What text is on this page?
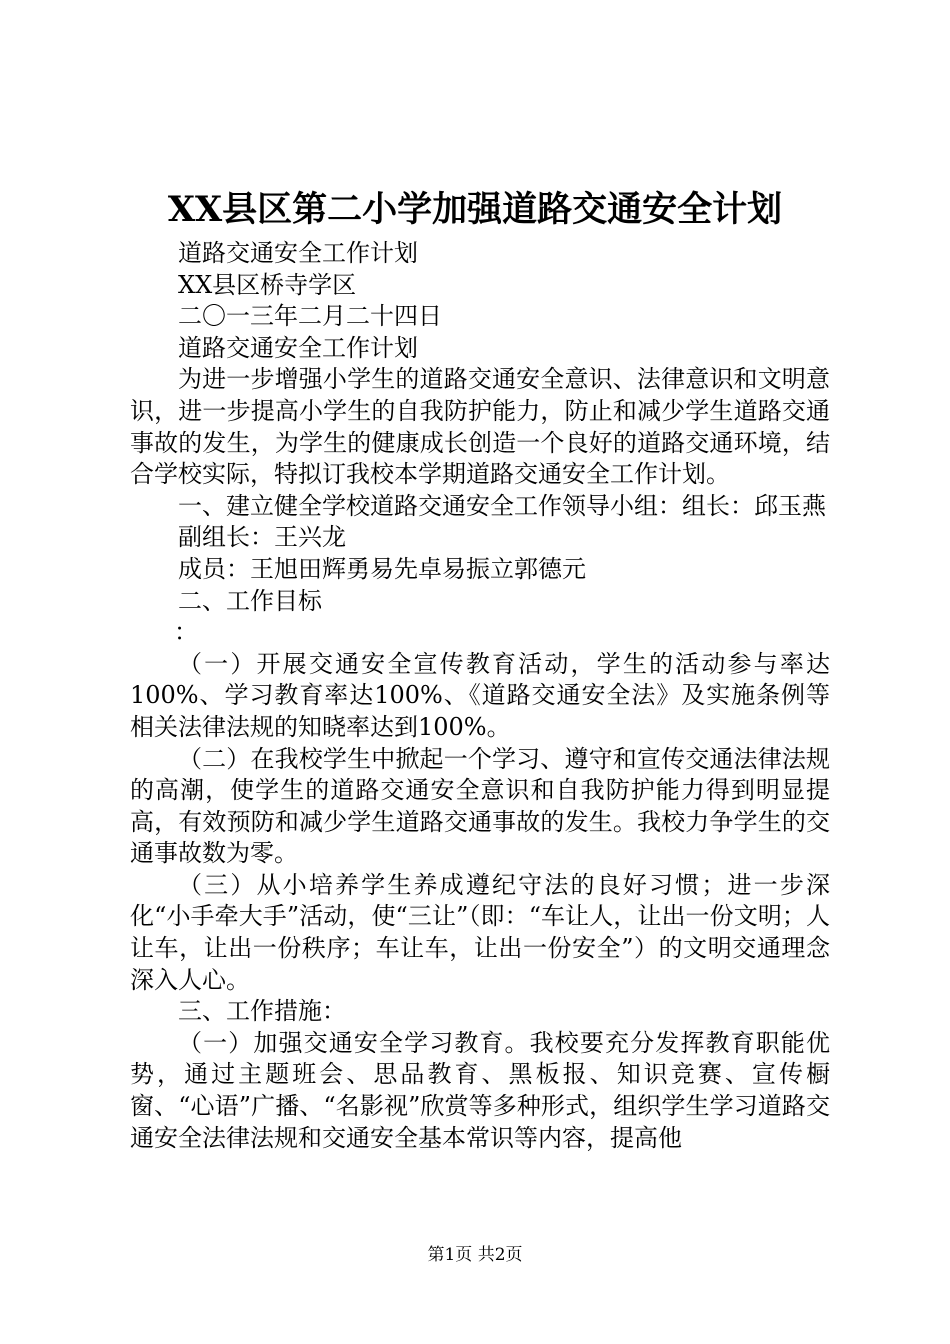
XX县区第二小学加强道路交通安全计划

道路交通安全工作计划

XX县区桥寺学区

二〇一三年二月二十四日

道路交通安全工作计划

为进一步增强小学生的道路交通安全意识、法律意识和文明意识，进一步提高小学生的自我防护能力，防止和减少学生道路交通事故的发生，为学生的健康成长创造一个良好的道路交通环境，结合学校实际，特拟订我校本学期道路交通安全工作计划。

一、建立健全学校道路交通安全工作领导小组：组长：邱玉燕

副组长：王兴龙

成员：王旭田辉勇易先卓易振立郭德元

二、工作目标

：

（一）开展交通安全宣传教育活动，学生的活动参与率达100%、学习教育率达100%、《道路交通安全法》及实施条例等相关法律法规的知晓率达到100%。

（二）在我校学生中掀起一个学习、遵守和宣传交通法律法规的高潮，使学生的道路交通安全意识和自我防护能力得到明显提高，有效预防和减少学生道路交通事故的发生。我校力争学生的交通事故数为零。

（三）从小培养学生养成遵纪守法的良好习惯；进一步深化“小手牵大手”活动，使“三让”（即：“车让人，让出一份文明；人让车，让出一份秩序；车让车，让出一份安全”）的文明交通理念深入人心。

三、工作措施：

（一）加强交通安全学习教育。我校要充分发挥教育职能优势，通过主题班会、思品教育、黑板报、知识竞赛、宣传橱窗、“心语”广播、“名影视”欣赏等多种形式，组织学生学习道路交通安全法律法规和交通安全基本常识等内容，提高他

第1页 共2页
